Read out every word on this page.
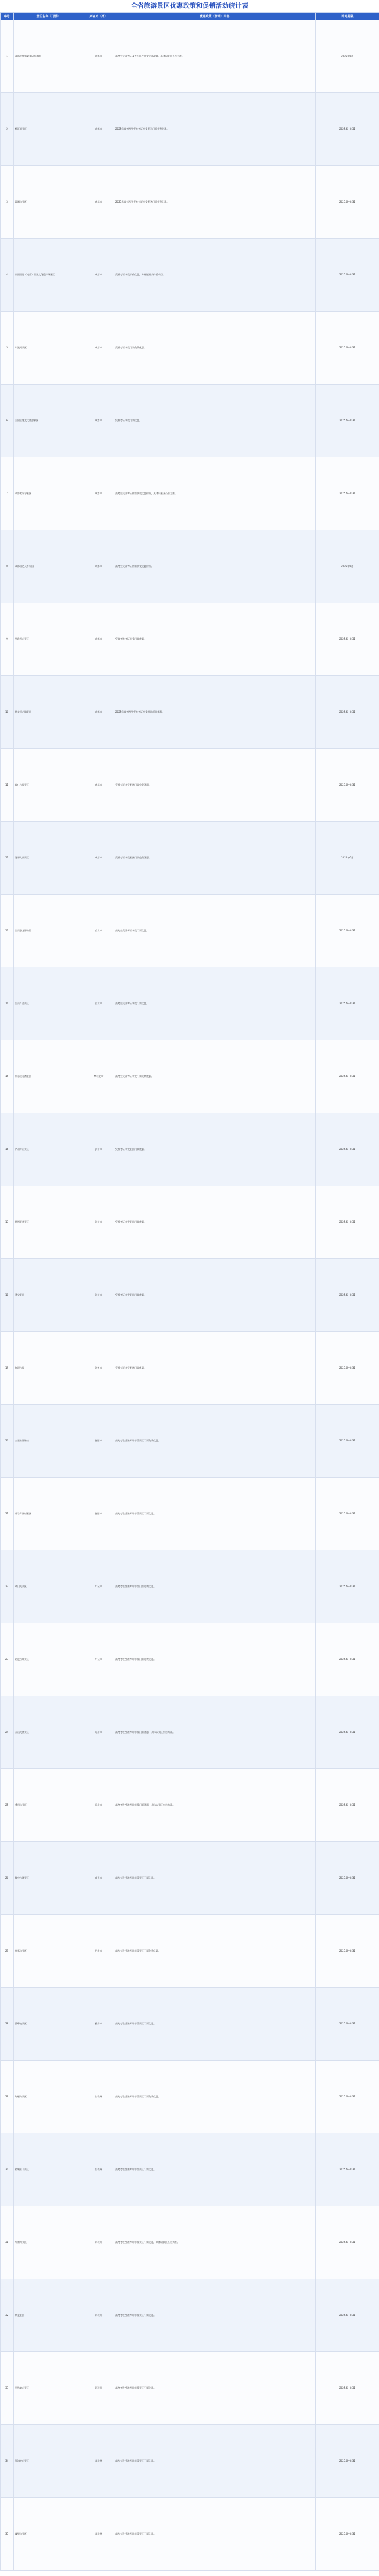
全省旅游景区优惠政策和促销活动统计表
序号	景区名称（门票）	所在市（州）	优惠政策（活动）内容	时间期限
1	成都大熊猫繁育研究基地	成都市	高考生凭准考证及身份证件享受优惠政策，具体以景区公告为准。	2025年6月
2	都江堰景区	成都市	2025年高考考生凭准考证享受景区门票免费优惠。	2025.6—8.31
3	青城山景区	成都市	2025年高考考生凭准考证享受景区门票免费优惠。	2025.6—8.31
4	中国国际（成都）世界文化遗产城景区	成都市	凭准考证享受半价优惠，并赠送相关体验项目。	2025.6—8.31
5	六渡河景区	成都市	凭准考证享受门票免费优惠。	2025.6—8.31
6	三国主题文化旅游景区	成都市	凭准考证享受门票优惠。	2025.6—8.31
7	成都欢乐谷景区	成都市	高考生凭准考证购票享受优惠价格，具体以景区公告为准。	2025.6—8.31
8	成都国色天乡乐园	成都市	高考生凭准考证购票享受优惠价格。	2025年6月
9	西岭雪山景区	成都市	凭高考准考证享受门票优惠。	2025.6—8.31
10	黄龙溪古镇景区	成都市	2025年高考考生凭准考证享受相关项目优惠。	2025.6—8.31
11	安仁古镇景区	成都市	凭准考证享受景区门票免费优惠。	2025.6—8.31
12	花舞人间景区	成都市	凭准考证享受景区门票免费优惠。	2025年6月
13	自贡恐龙博物馆	自贡市	高考生凭准考证享受门票优惠。	2025.6—8.31
14	自贡灯会景区	自贡市	高考生凭准考证享受门票优惠。	2025.6—8.31
15	米易迷易湾景区	攀枝花市	高考生凭准考证享受门票免费优惠。	2025.6—8.31
16	泸州方山景区	泸州市	凭准考证享受景区门票优惠。	2025.6—8.31
17	黄荆老林景区	泸州市	凭准考证享受景区门票优惠。	2025.6—8.31
18	佛宝景区	泸州市	凭准考证享受景区门票优惠。	2025.6—8.31
19	尧坝古镇	泸州市	凭准考证享受景区门票优惠。	2025.6—8.31
20	三星堆博物馆	德阳市	高考考生凭准考证享受景区门票免费优惠。	2025.6—8.31
21	绵竹年画村景区	德阳市	高考考生凭准考证享受景区门票优惠。	2025.6—8.31
22	剑门关景区	广元市	高考考生凭准考证享受门票免费优惠。	2025.6—8.31
23	昭化古城景区	广元市	高考考生凭准考证享受门票免费优惠。	2025.6—8.31
24	乐山大佛景区	乐山市	高考考生凭准考证享受门票优惠，具体以景区公告为准。	2025.6—8.31
25	峨眉山景区	乐山市	高考考生凭准考证享受门票优惠，具体以景区公告为准。	2025.6—8.31
26	阆中古城景区	南充市	高考考生凭准考证享受景区门票优惠。	2025.6—8.31
27	光雾山景区	巴中市	高考考生凭准考证享受景区门票免费优惠。	2025.6—8.31
28	碧峰峡景区	雅安市	高考考生凭准考证享受景区门票优惠。	2025.6—8.31
29	海螺沟景区	甘孜州	高考考生凭准考证享受景区门票免费优惠。	2025.6—8.31
30	稻城亚丁景区	甘孜州	高考考生凭准考证享受景区门票优惠。	2025.6—8.31
31	九寨沟景区	阿坝州	高考考生凭准考证享受景区门票优惠，具体以景区公告为准。	2025.6—8.31
32	黄龙景区	阿坝州	高考考生凭准考证享受景区门票优惠。	2025.6—8.31
33	四姑娘山景区	阿坝州	高考考生凭准考证享受景区门票优惠。	2025.6—8.31
34	邛海泸山景区	凉山州	高考考生凭准考证享受景区门票优惠。	2025.6—8.31
35	螺髻山景区	凉山州	高考考生凭准考证享受景区门票优惠。	2025.6—8.31
